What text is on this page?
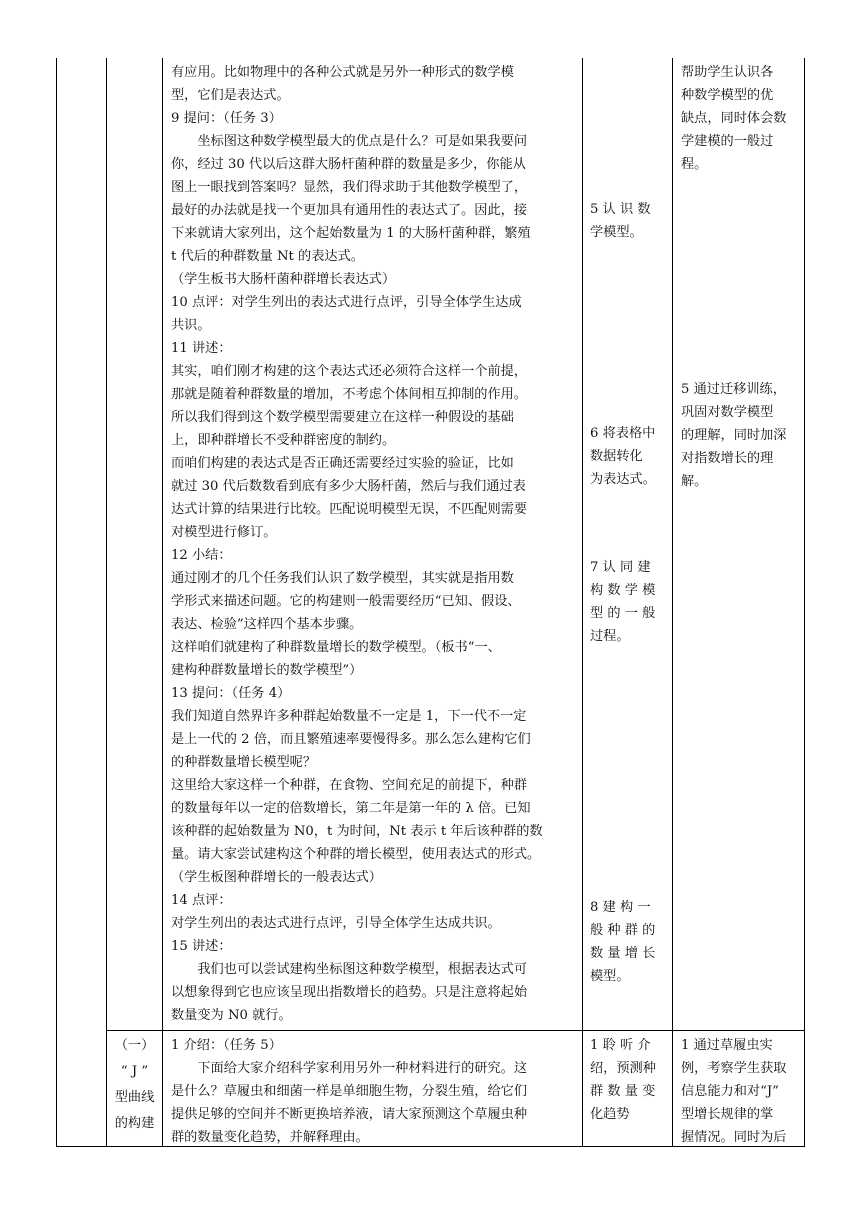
有应用。比如物理中的各种公式就是另外一种形式的数学模

型，它们是表达式。

9 提问：（任务 3）

　　坐标图这种数学模型最大的优点是什么？可是如果我要问

你，经过 30 代以后这群大肠杆菌种群的数量是多少，你能从

图上一眼找到答案吗？显然，我们得求助于其他数学模型了，

最好的办法就是找一个更加具有通用性的表达式了。因此，接

下来就请大家列出，这个起始数量为 1 的大肠杆菌种群，繁殖

t 代后的种群数量 Nt 的表达式。

（学生板书大肠杆菌种群增长表达式）

10 点评：对学生列出的表达式进行点评，引导全体学生达成

共识。

11 讲述：

其实，咱们刚才构建的这个表达式还必须符合这样一个前提，

那就是随着种群数量的增加，不考虑个体间相互抑制的作用。

所以我们得到这个数学模型需要建立在这样一种假设的基础

上，即种群增长不受种群密度的制约。

而咱们构建的表达式是否正确还需要经过实验的验证，比如

就过 30 代后数数看到底有多少大肠杆菌，然后与我们通过表

达式计算的结果进行比较。匹配说明模型无误，不匹配则需要

对模型进行修订。

12 小结：

通过刚才的几个任务我们认识了数学模型，其实就是指用数

学形式来描述问题。它的构建则一般需要经历“已知、假设、

表达、检验”这样四个基本步骤。

这样咱们就建构了种群数量增长的数学模型。（板书“一、

建构种群数量增长的数学模型”）

13 提问：（任务 4）

我们知道自然界许多种群起始数量不一定是 1，下一代不一定

是上一代的 2 倍，而且繁殖速率要慢得多。那么怎么建构它们

的种群数量增长模型呢？

这里给大家这样一个种群，在食物、空间充足的前提下，种群

的数量每年以一定的倍数增长，第二年是第一年的 λ 倍。已知

该种群的起始数量为 N0，t 为时间，Nt 表示 t 年后该种群的数

量。请大家尝试建构这个种群的增长模型，使用表达式的形式。

（学生板图种群增长的一般表达式）

14 点评：

对学生列出的表达式进行点评，引导全体学生达成共识。

15 讲述：

　　我们也可以尝试建构坐标图这种数学模型，根据表达式可

以想象得到它也应该呈现出指数增长的趋势。只是注意将起始

数量变为 N0 就行。

5 认 识 数

学模型。

6 将表格中

数据转化

为表达式。

7 认 同 建

构 数 学 模

型 的 一 般

过程。

8 建 构 一

般 种 群 的

数 量 增 长

模型。

帮助学生认识各

种数学模型的优

缺点，同时体会数

学建模的一般过

程。

5 通过迁移训练，

巩固对数学模型

的理解，同时加深

对指数增长的理

解。

（一）

“ J ”

型曲线

的构建

1 介绍：（任务 5）

　　下面给大家介绍科学家利用另外一种材料进行的研究。这

是什么？草履虫和细菌一样是单细胞生物，分裂生殖，给它们

提供足够的空间并不断更换培养液，请大家预测这个草履虫种

群的数量变化趋势，并解释理由。

1 聆 听 介

绍，预测种

群 数 量 变

化趋势

1 通过草履虫实

例，考察学生获取

信息能力和对“J”

型增长规律的掌

握情况。同时为后
